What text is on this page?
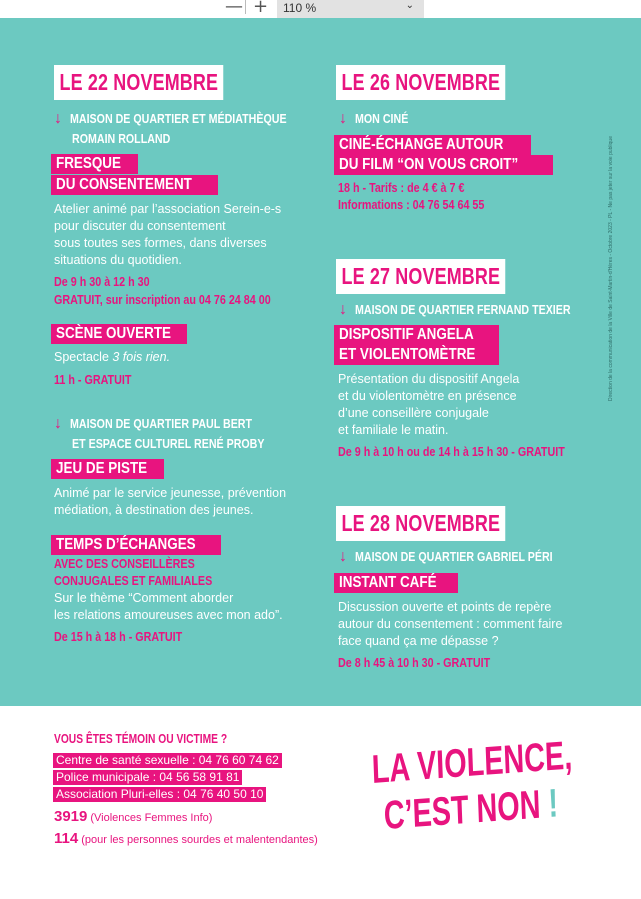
— +	110 %	⌄
Direction de la communication de la Ville de Saint-Martin-d'Hères - Octobre 2023 - PL - Ne pas jeter sur la voie publique
LE 22 NOVEMBRE
↓ MAISON DE QUARTIER ET MÉDIATHÈQUE
ROMAIN ROLLAND
FRESQUE
DU CONSENTEMENT
Atelier animé par l’association Serein-e-s
pour discuter du consentement
sous toutes ses formes, dans diverses
situations du quotidien.
De 9 h 30 à 12 h 30
GRATUIT, sur inscription au 04 76 24 84 00
SCÈNE OUVERTE
Spectacle 3 fois rien.
11 h - GRATUIT
↓ MAISON DE QUARTIER PAUL BERT
ET ESPACE CULTUREL RENÉ PROBY
JEU DE PISTE
Animé par le service jeunesse, prévention
médiation, à destination des jeunes.
TEMPS D’ÉCHANGES
AVEC DES CONSEILLÈRES
CONJUGALES ET FAMILIALES
Sur le thème “Comment aborder
les relations amoureuses avec mon ado”.
De 15 h à 18 h - GRATUIT
LE 26 NOVEMBRE
↓ MON CINÉ
CINÉ-ÉCHANGE AUTOUR
DU FILM “ON VOUS CROIT”
18 h - Tarifs : de 4 € à 7 €
Informations : 04 76 54 64 55
LE 27 NOVEMBRE
↓ MAISON DE QUARTIER FERNAND TEXIER
DISPOSITIF ANGELA
ET VIOLENTOMÈTRE
Présentation du dispositif Angela
et du violentomètre en présence
d’une conseillère conjugale
et familiale le matin.
De 9 h à 10 h ou de 14 h à 15 h 30 - GRATUIT
LE 28 NOVEMBRE
↓ MAISON DE QUARTIER GABRIEL PÉRI
INSTANT CAFÉ
Discussion ouverte et points de repère
autour du consentement : comment faire
face quand ça me dépasse ?
De 8 h 45 à 10 h 30 - GRATUIT
VOUS ÊTES TÉMOIN OU VICTIME ?
Centre de santé sexuelle : 04 76 60 74 62
Police municipale : 04 56 58 91 81
Association Pluri-elles : 04 76 40 50 10
3919 (Violences Femmes Info)
114 (pour les personnes sourdes et malentendantes)
LA VIOLENCE,
C’EST NON !
